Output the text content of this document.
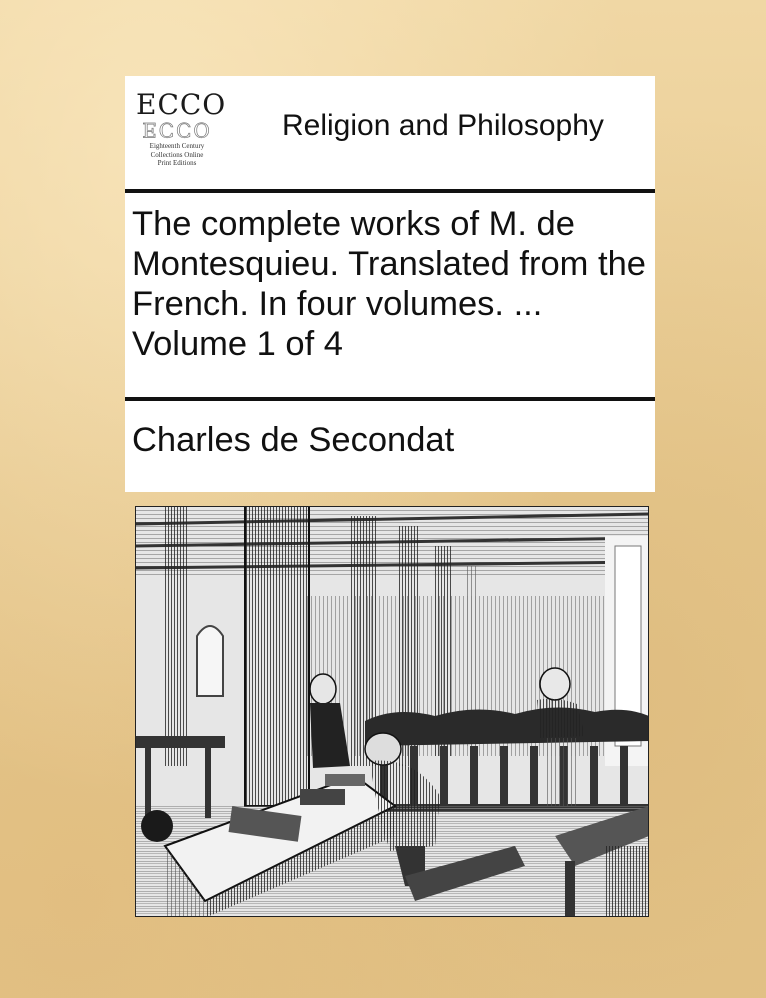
ECCO
ECCO
Eighteenth Century
Collections Online
Print Editions
Religion and Philosophy
The complete works of M. de Montesquieu. Translated from the French. In four volumes. ... Volume 1 of 4
Charles de Secondat
